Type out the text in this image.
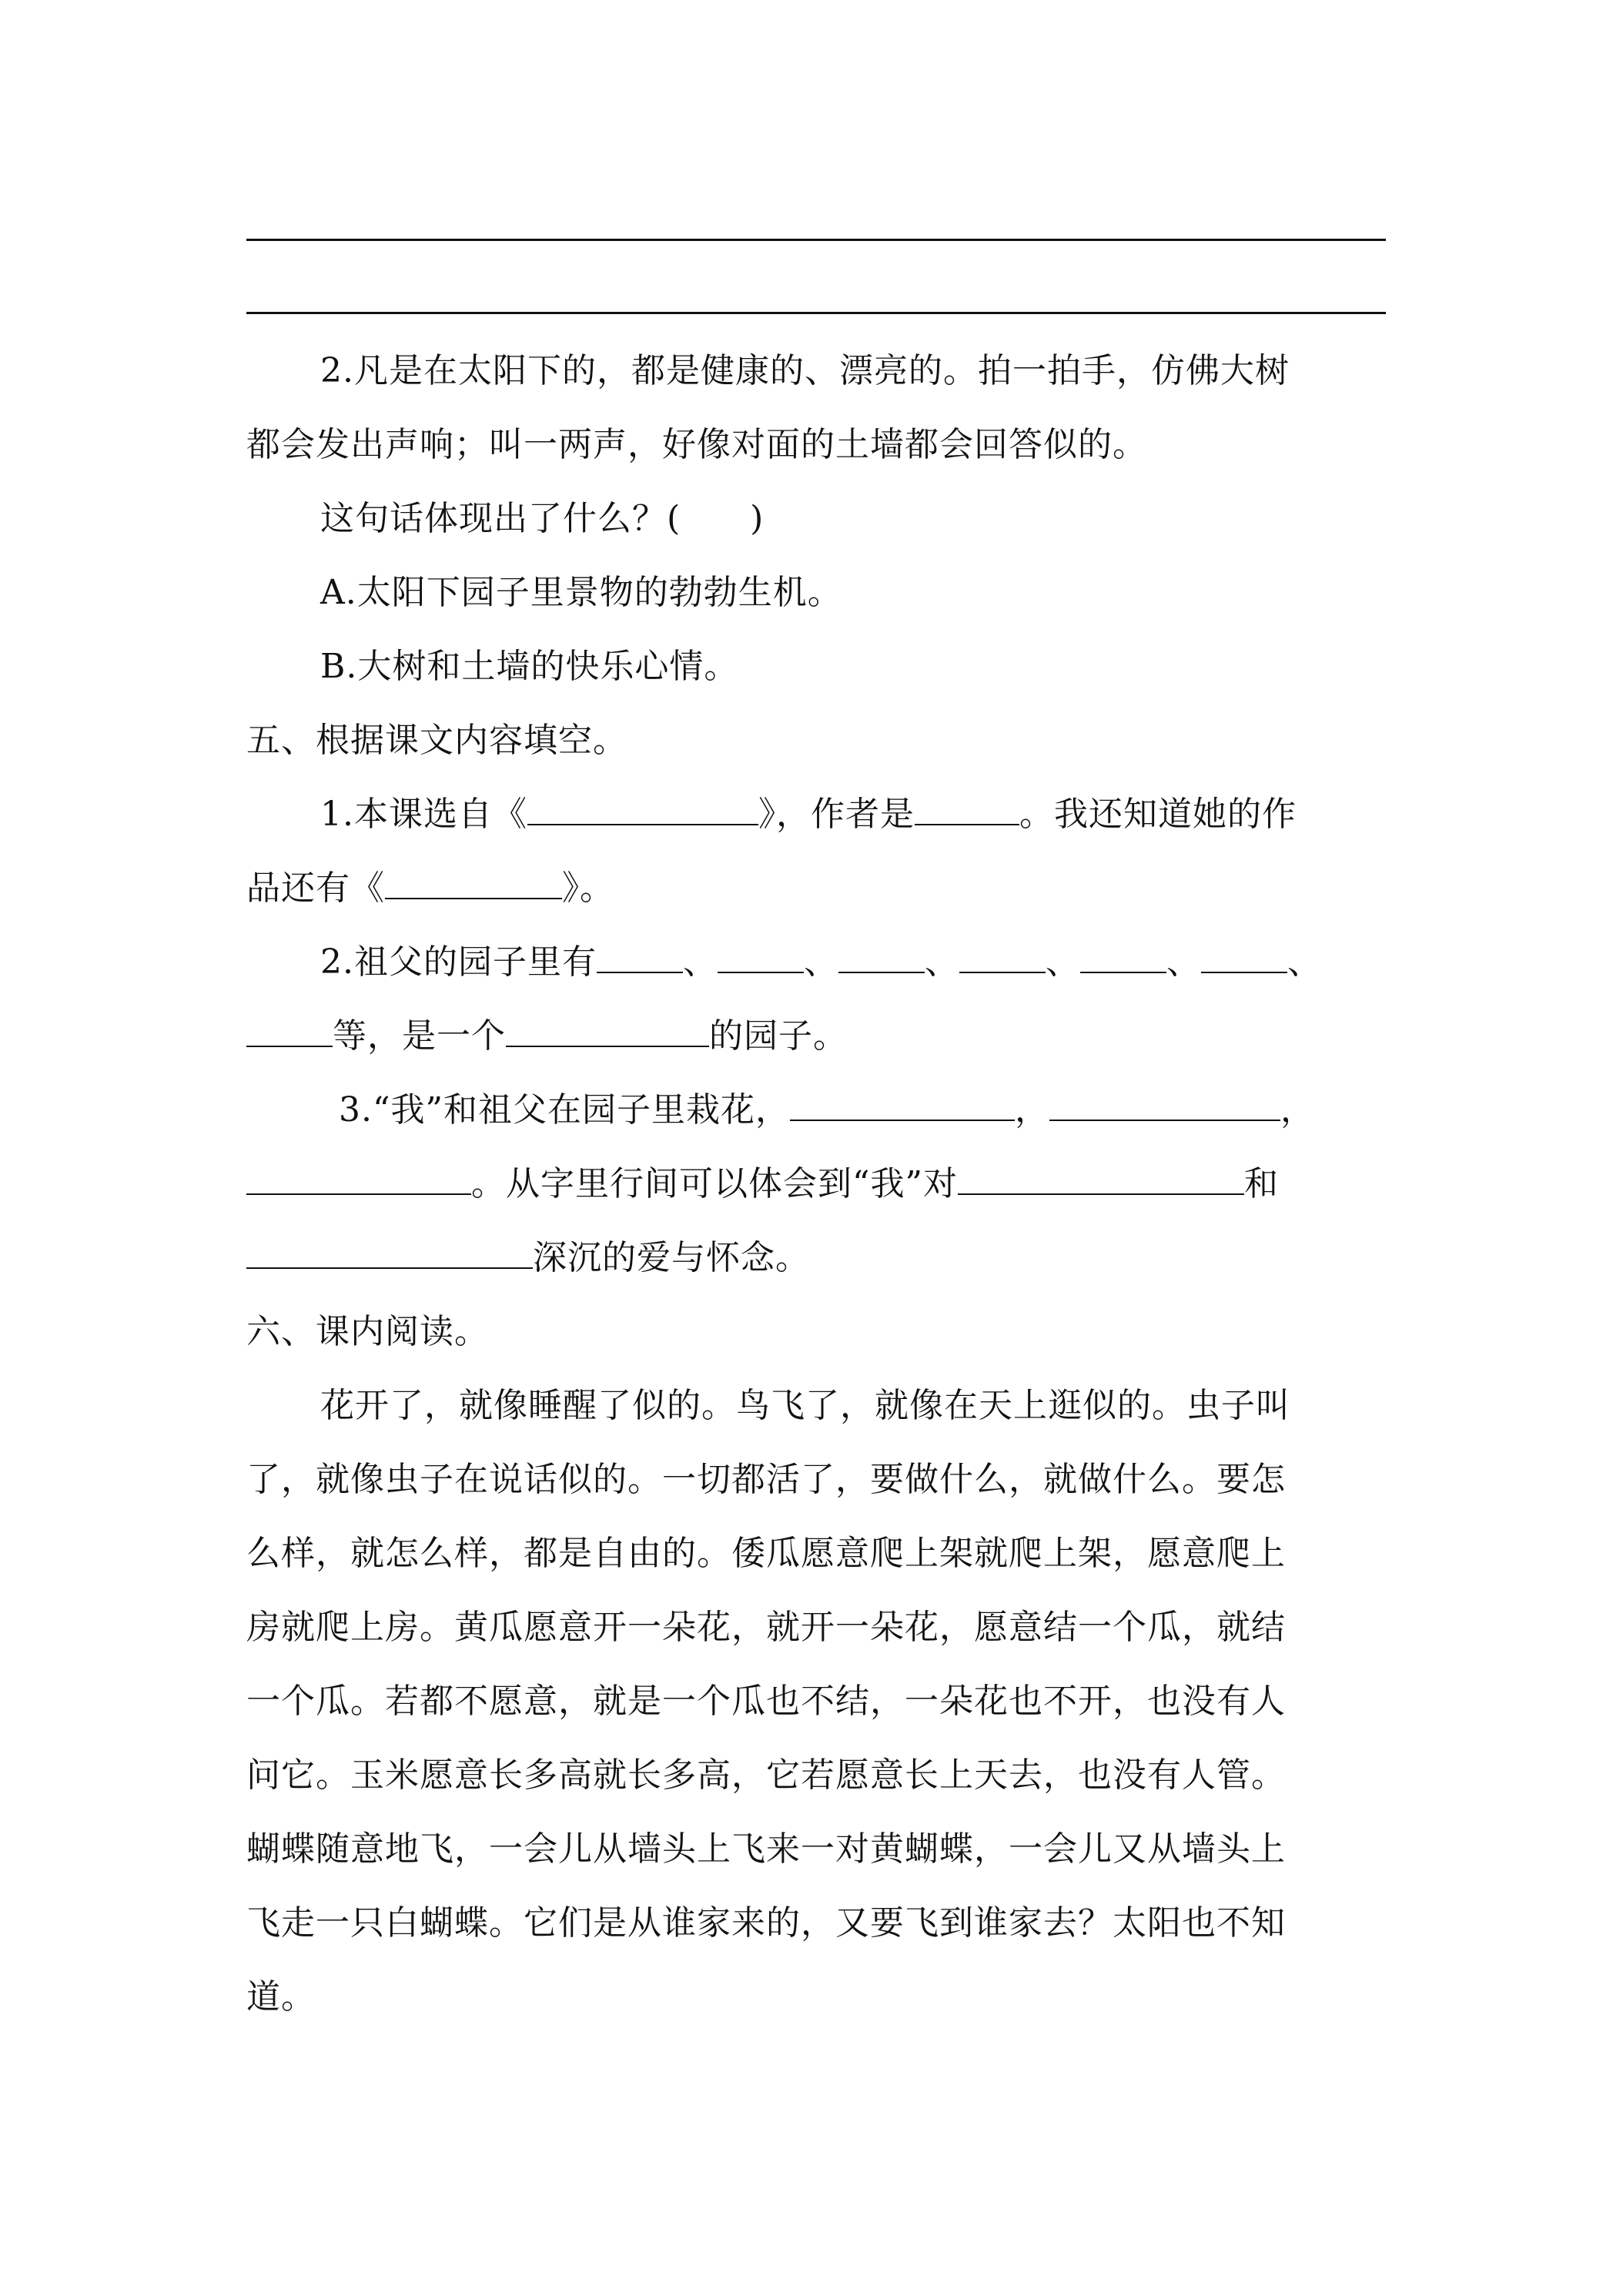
2.凡是在太阳下的，都是健康的、漂亮的。拍一拍手，仿佛大树
都会发出声响；叫一两声，好像对面的土墙都会回答似的。
这句话体现出了什么？(　　)
A.太阳下园子里景物的勃勃生机。
B.大树和土墙的快乐心情。
五、根据课文内容填空。
1.本课选自《	》，作者是	。我还知道她的作
品还有《	》。
2.祖父的园子里有	、	、	、	、	、	、
等，是一个	的园子。
3.“我”和祖父在园子里栽花，	，	，
。从字里行间可以体会到“我”对	和
深沉的爱与怀念。
六、课内阅读。
花开了，就像睡醒了似的。鸟飞了，就像在天上逛似的。虫子叫
了，就像虫子在说话似的。一切都活了，要做什么，就做什么。要怎
么样，就怎么样，都是自由的。倭瓜愿意爬上架就爬上架，愿意爬上
房就爬上房。黄瓜愿意开一朵花，就开一朵花，愿意结一个瓜，就结
一个瓜。若都不愿意，就是一个瓜也不结，一朵花也不开，也没有人
问它。玉米愿意长多高就长多高，它若愿意长上天去，也没有人管。
蝴蝶随意地飞，一会儿从墙头上飞来一对黄蝴蝶，一会儿又从墙头上
飞走一只白蝴蝶。它们是从谁家来的，又要飞到谁家去？太阳也不知
道。
